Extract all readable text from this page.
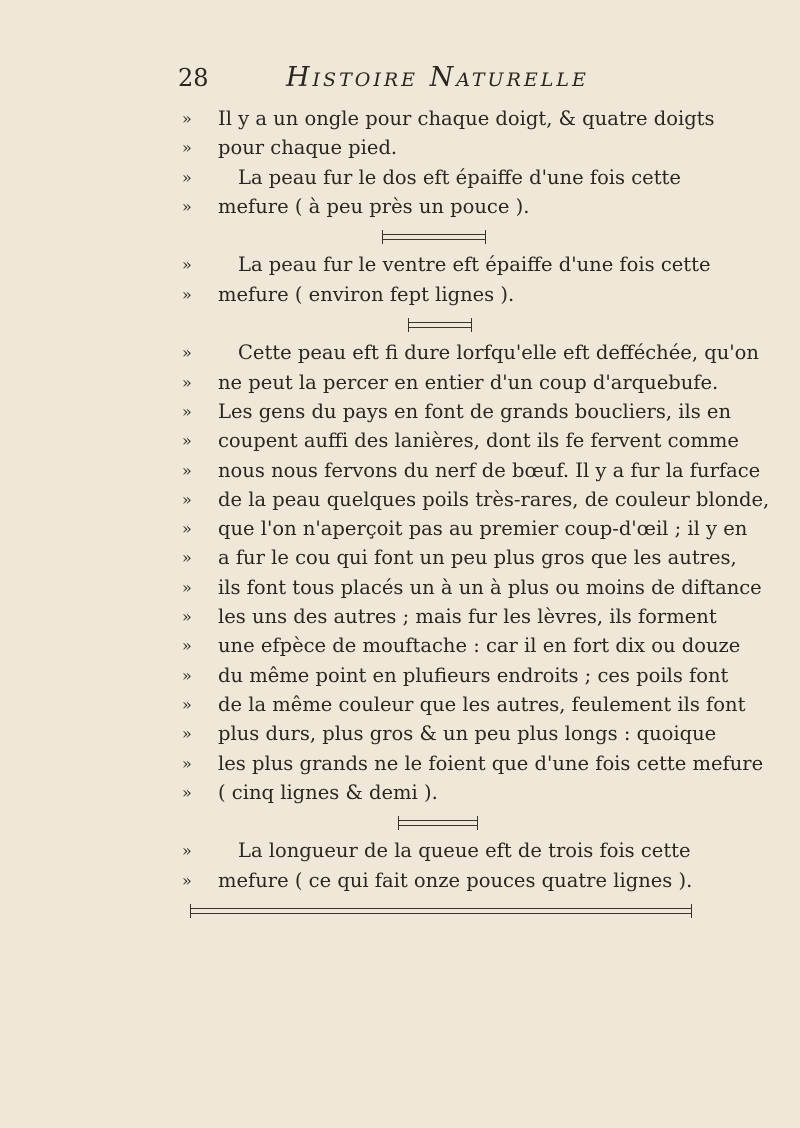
28	Histoire Naturelle
»	Il y a un ongle pour chaque doigt, & quatre doigts
»	pour chaque pied.
»	La peau fur le dos eft épaiffe d'une fois cette
»	mefure ( à peu près un pouce ).
»	La peau fur le ventre eft épaiffe d'une fois cette
»	mefure ( environ fept lignes ).
»	Cette peau eft fi dure lorfqu'elle eft defféchée, qu'on
»	ne peut la percer en entier d'un coup d'arquebufe.
»	Les gens du pays en font de grands boucliers, ils en
»	coupent auffi des lanières, dont ils fe fervent comme
»	nous nous fervons du nerf de bœuf. Il y a fur la furface
»	de la peau quelques poils très-rares, de couleur blonde,
»	que l'on n'aperçoit pas au premier coup-d'œil ; il y en
»	a fur le cou qui font un peu plus gros que les autres,
»	ils font tous placés un à un à plus ou moins de diftance
»	les uns des autres ; mais fur les lèvres, ils forment
»	une efpèce de mouftache : car il en fort dix ou douze
»	du même point en plufieurs endroits ; ces poils font
»	de la même couleur que les autres, feulement ils font
»	plus durs, plus gros & un peu plus longs : quoique
»	les plus grands ne le foient que d'une fois cette mefure
»	( cinq lignes & demi ).
»	La longueur de la queue eft de trois fois cette
»	mefure ( ce qui fait onze pouces quatre lignes ).
